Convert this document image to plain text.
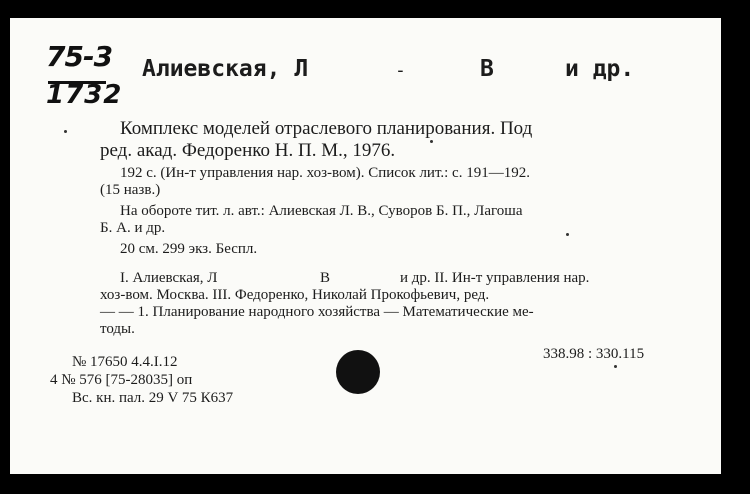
75-3
1732
Алиевская, Л	-	В	и др.
Комплекс моделей отраслевого планирования. Под
ред. акад. Федоренко Н. П. М., 1976.
192 с. (Ин-т управления нар. хоз-вом). Список лит.: с. 191—192.
(15 назв.)
На обороте тит. л. авт.: Алиевская Л. В., Суворов Б. П., Лагоша
Б. А. и др.
20 см. 299 экз. Беспл.
I. Алиевская, Л	В	и др. II. Ин-т управления нар.
хоз-вом. Москва. III. Федоренко, Николай Прокофьевич, ред.
— — 1. Планирование народного хозяйства — Математические ме-
тоды.
338.98 : 330.115
№ 17650 4.4.I.12
4 № 576 [75-28035] оп
Вс. кн. пал. 29 V 75 К637
